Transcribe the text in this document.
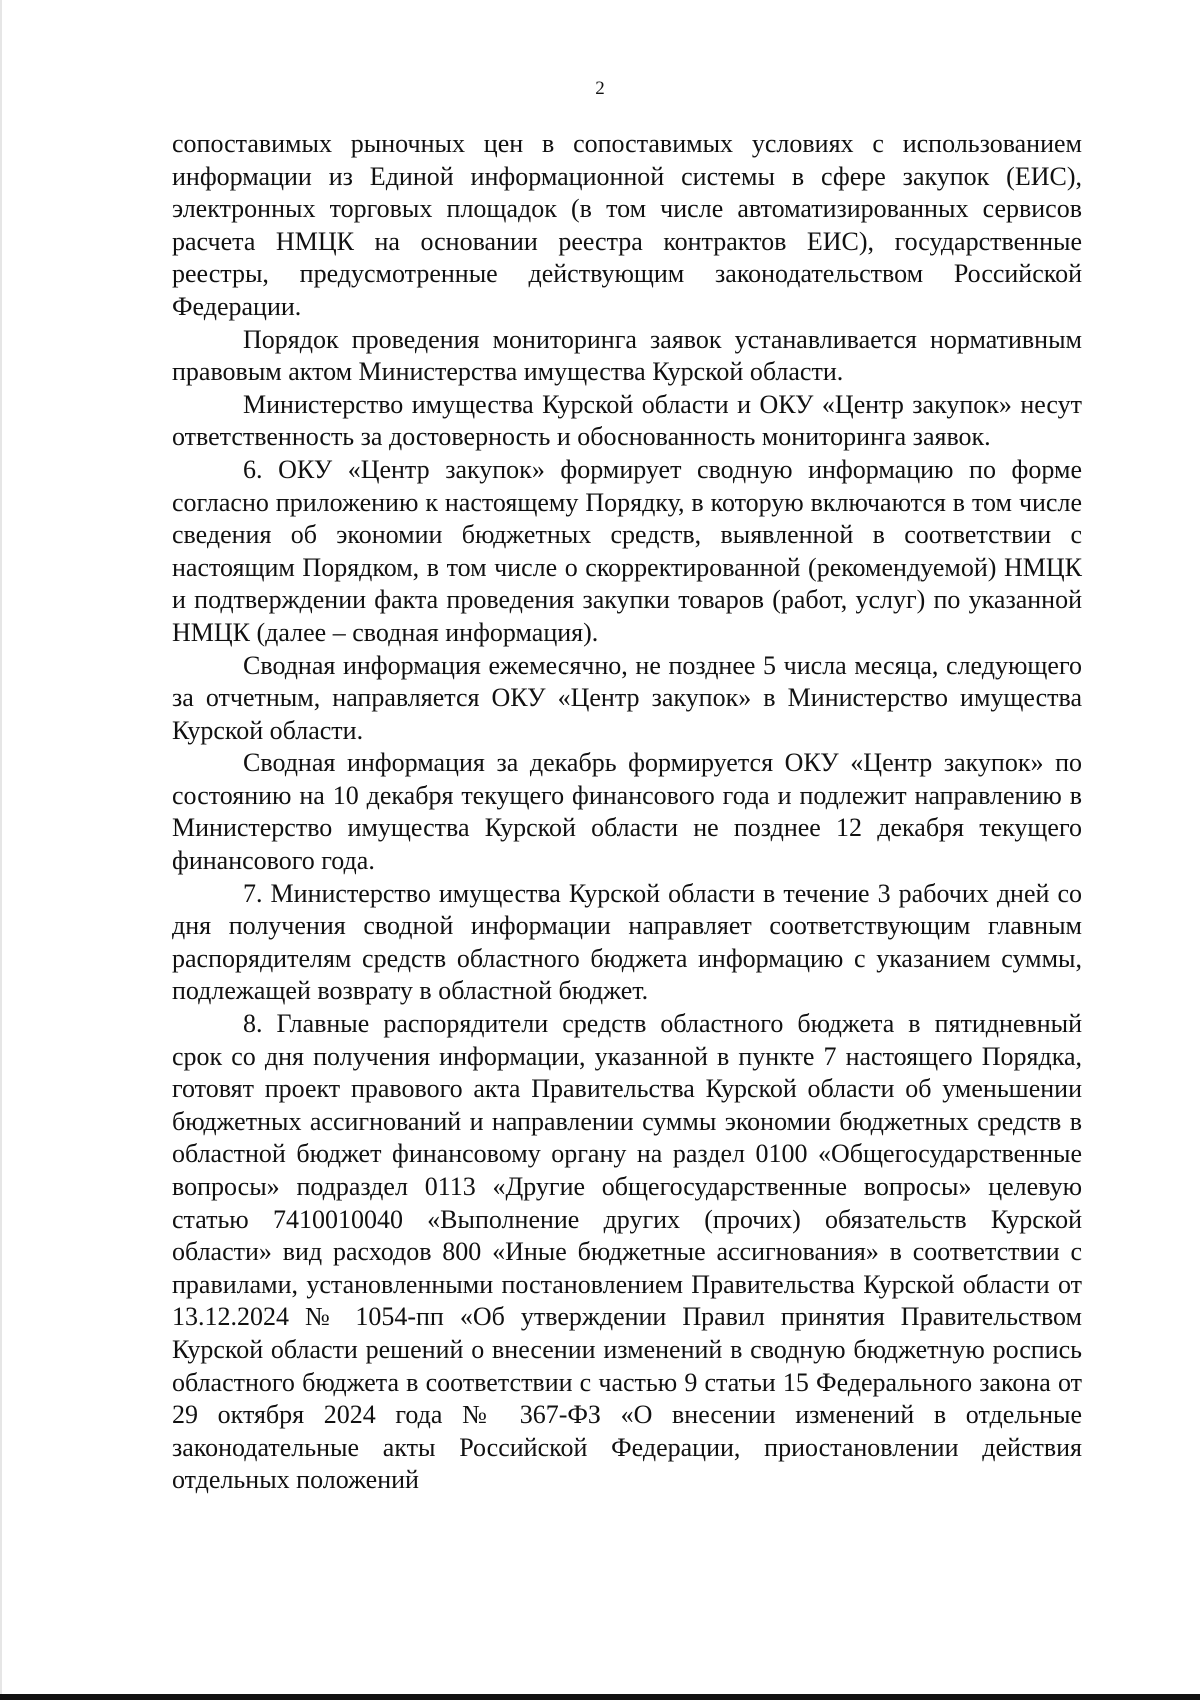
2

сопоставимых рыночных цен в сопоставимых условиях с использованием информации из Единой информационной системы в сфере закупок (ЕИС), электронных торговых площадок (в том числе автоматизированных сервисов расчета НМЦК на основании реестра контрактов ЕИС), государственные реестры, предусмотренные действующим законодательством Российской Федерации.

Порядок проведения мониторинга заявок устанавливается нормативным правовым актом Министерства имущества Курской области.

Министерство имущества Курской области и ОКУ «Центр закупок» несут ответственность за достоверность и обоснованность мониторинга заявок.

6. ОКУ «Центр закупок» формирует сводную информацию по форме согласно приложению к настоящему Порядку, в которую включаются в том числе сведения об экономии бюджетных средств, выявленной в соответствии с настоящим Порядком, в том числе о скорректированной (рекомендуемой) НМЦК и подтверждении факта проведения закупки товаров (работ, услуг) по указанной НМЦК (далее – сводная информация).

Сводная информация ежемесячно, не позднее 5 числа месяца, следующего за отчетным, направляется ОКУ «Центр закупок» в Министерство имущества Курской области.

Сводная информация за декабрь формируется ОКУ «Центр закупок» по состоянию на 10 декабря текущего финансового года и подлежит направлению в Министерство имущества Курской области не позднее 12 декабря текущего финансового года.

7. Министерство имущества Курской области в течение 3 рабочих дней со дня получения сводной информации направляет соответствующим главным распорядителям средств областного бюджета информацию с указанием суммы, подлежащей возврату в областной бюджет.

8. Главные распорядители средств областного бюджета в пятидневный срок со дня получения информации, указанной в пункте 7 настоящего Порядка, готовят проект правового акта Правительства Курской области об уменьшении бюджетных ассигнований и направлении суммы экономии бюджетных средств в областной бюджет финансовому органу на раздел 0100 «Общегосударственные вопросы» подраздел 0113 «Другие общегосударственные вопросы» целевую статью 7410010040 «Выполнение других (прочих) обязательств Курской области» вид расходов 800 «Иные бюджетные ассигнования» в соответствии с правилами, установленными постановлением Правительства Курской области от 13.12.2024 № 1054-пп «Об утверждении Правил принятия Правительством Курской области решений о внесении изменений в сводную бюджетную роспись областного бюджета в соответствии с частью 9 статьи 15 Федерального закона от 29 октября 2024 года № 367-ФЗ «О внесении изменений в отдельные законодательные акты Российской Федерации, приостановлении действия отдельных положений
